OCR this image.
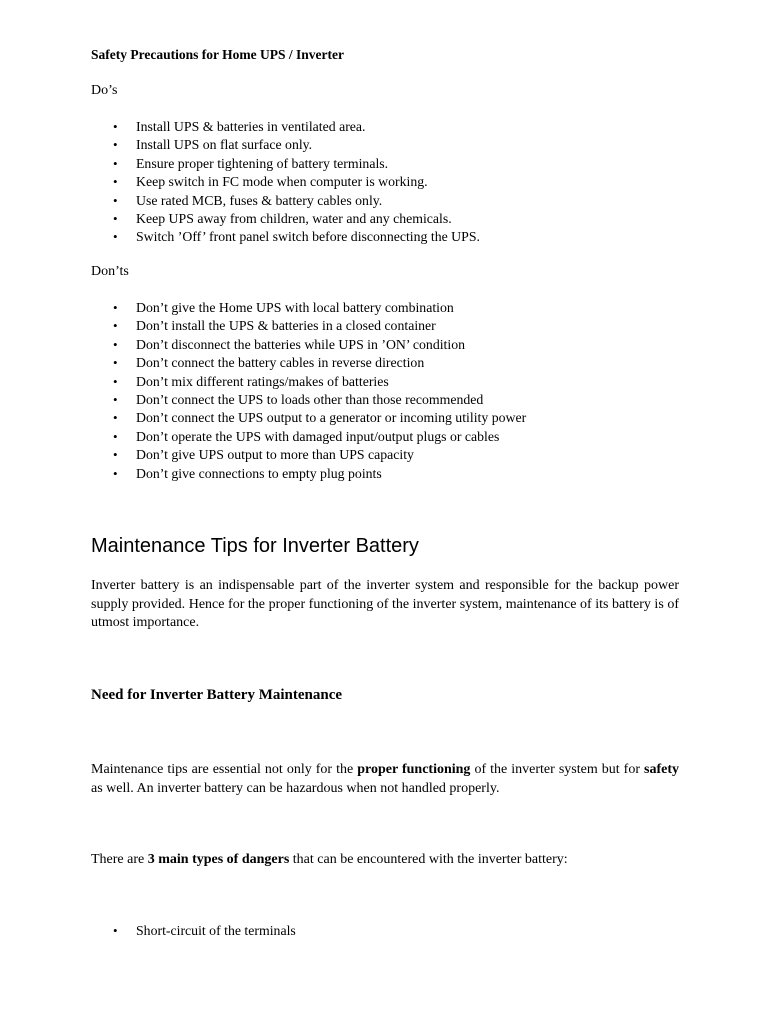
Safety Precautions for Home UPS / Inverter
Do’s
• Install UPS & batteries in ventilated area.
• Install UPS on flat surface only.
• Ensure proper tightening of battery terminals.
• Keep switch in FC mode when computer is working.
• Use rated MCB, fuses & battery cables only.
• Keep UPS away from children, water and any chemicals.
• Switch ’Off’ front panel switch before disconnecting the UPS.
Don’ts
• Don’t give the Home UPS with local battery combination
• Don’t install the UPS & batteries in a closed container
• Don’t disconnect the batteries while UPS in ’ON’ condition
• Don’t connect the battery cables in reverse direction
• Don’t mix different ratings/makes of batteries
• Don’t connect the UPS to loads other than those recommended
• Don’t connect the UPS output to a generator or incoming utility power
• Don’t operate the UPS with damaged input/output plugs or cables
• Don’t give UPS output to more than UPS capacity
• Don’t give connections to empty plug points
Maintenance Tips for Inverter Battery
Inverter battery is an indispensable part of the inverter system and responsible for the backup power supply provided. Hence for the proper functioning of the inverter system, maintenance of its battery is of utmost importance.
Need for Inverter Battery Maintenance
Maintenance tips are essential not only for the proper functioning of the inverter system but for safety as well. An inverter battery can be hazardous when not handled properly.
There are 3 main types of dangers that can be encountered with the inverter battery:
• Short-circuit of the terminals
